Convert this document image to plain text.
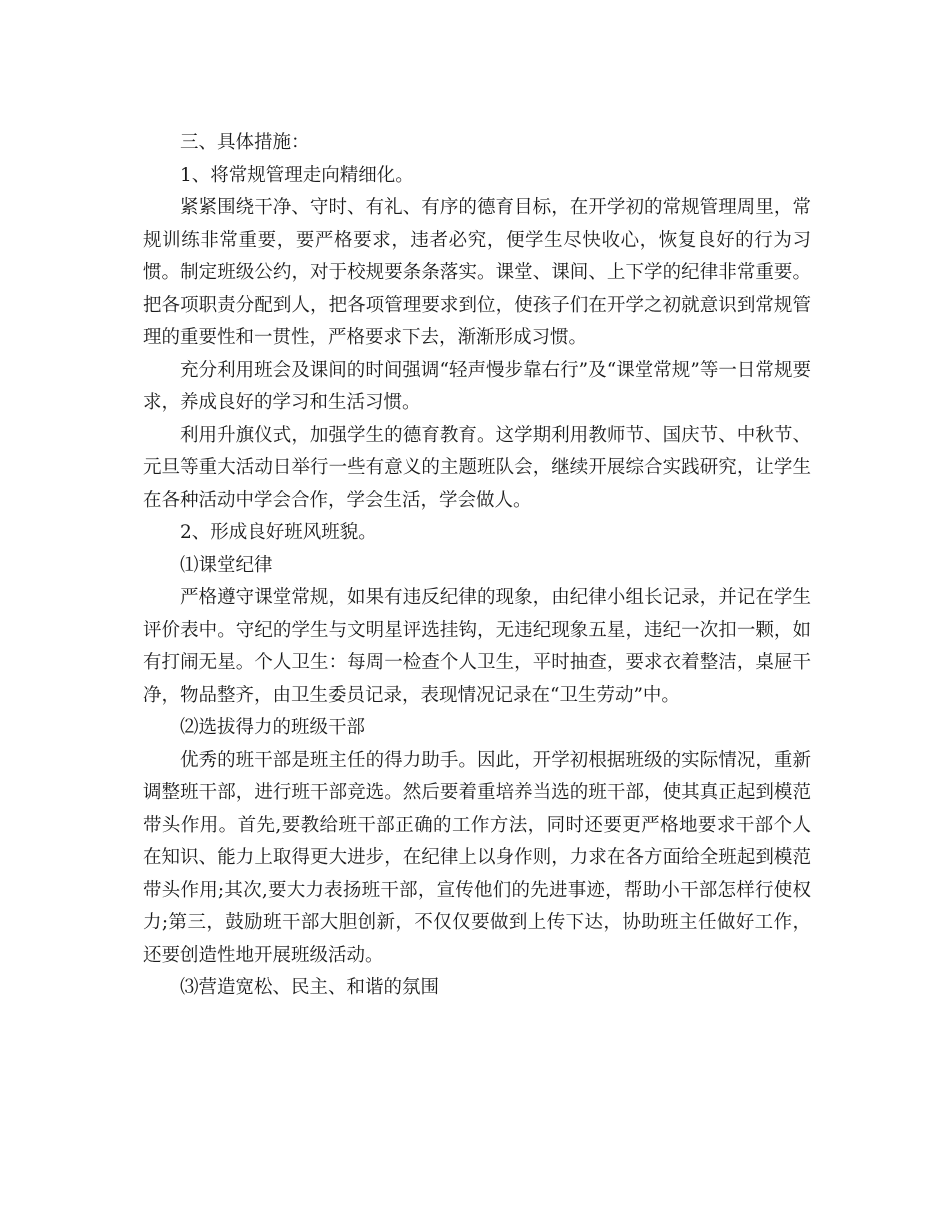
三、具体措施：

1、将常规管理走向精细化。

紧紧围绕干净、守时、有礼、有序的德育目标，在开学初的常规管理周里，常规训练非常重要，要严格要求，违者必究，便学生尽快收心，恢复良好的行为习惯。制定班级公约，对于校规要条条落实。课堂、课间、上下学的纪律非常重要。把各项职责分配到人，把各项管理要求到位，使孩子们在开学之初就意识到常规管理的重要性和一贯性，严格要求下去，渐渐形成习惯。

充分利用班会及课间的时间强调“轻声慢步靠右行”及“课堂常规”等一日常规要求，养成良好的学习和生活习惯。

利用升旗仪式，加强学生的德育教育。这学期利用教师节、国庆节、中秋节、元旦等重大活动日举行一些有意义的主题班队会，继续开展综合实践研究，让学生在各种活动中学会合作，学会生活，学会做人。

2、形成良好班风班貌。

⑴课堂纪律

严格遵守课堂常规，如果有违反纪律的现象，由纪律小组长记录，并记在学生评价表中。守纪的学生与文明星评选挂钩，无违纪现象五星，违纪一次扣一颗，如有打闹无星。个人卫生：每周一检查个人卫生，平时抽查，要求衣着整洁，桌屉干净，物品整齐，由卫生委员记录，表现情况记录在“卫生劳动”中。

⑵选拔得力的班级干部

优秀的班干部是班主任的得力助手。因此，开学初根据班级的实际情况，重新调整班干部，进行班干部竞选。然后要着重培养当选的班干部，使其真正起到模范带头作用。首先,要教给班干部正确的工作方法，同时还要更严格地要求干部个人在知识、能力上取得更大进步，在纪律上以身作则，力求在各方面给全班起到模范带头作用;其次,要大力表扬班干部，宣传他们的先进事迹，帮助小干部怎样行使权力;第三，鼓励班干部大胆创新，不仅仅要做到上传下达，协助班主任做好工作，还要创造性地开展班级活动。

⑶营造宽松、民主、和谐的氛围
